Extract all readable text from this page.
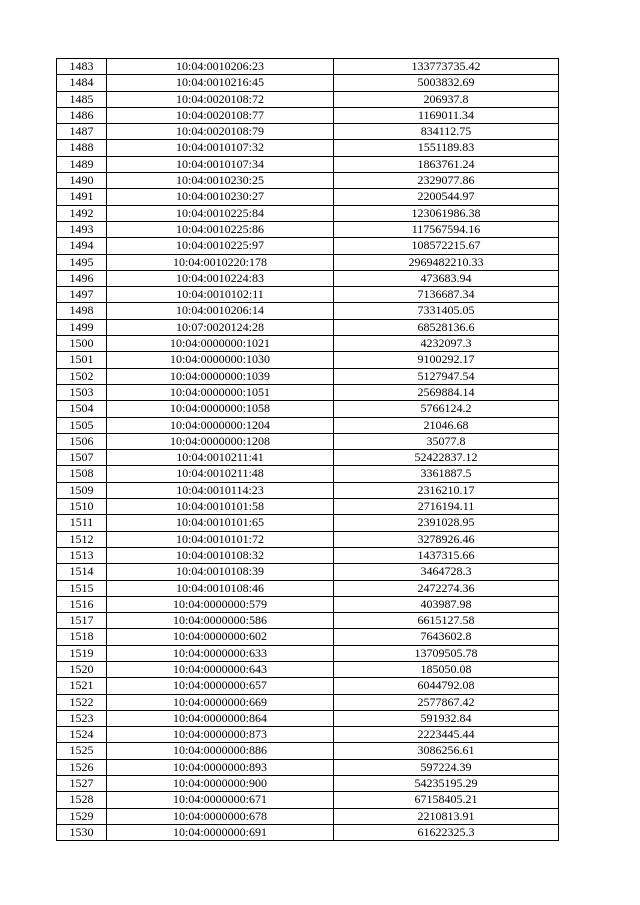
1483	10:04:0010206:23	133773735.42
1484	10:04:0010216:45	5003832.69
1485	10:04:0020108:72	206937.8
1486	10:04:0020108:77	1169011.34
1487	10:04:0020108:79	834112.75
1488	10:04:0010107:32	1551189.83
1489	10:04:0010107:34	1863761.24
1490	10:04:0010230:25	2329077.86
1491	10:04:0010230:27	2200544.97
1492	10:04:0010225:84	123061986.38
1493	10:04:0010225:86	117567594.16
1494	10:04:0010225:97	108572215.67
1495	10:04:0010220:178	2969482210.33
1496	10:04:0010224:83	473683.94
1497	10:04:0010102:11	7136687.34
1498	10:04:0010206:14	7331405.05
1499	10:07:0020124:28	68528136.6
1500	10:04:0000000:1021	4232097.3
1501	10:04:0000000:1030	9100292.17
1502	10:04:0000000:1039	5127947.54
1503	10:04:0000000:1051	2569884.14
1504	10:04:0000000:1058	5766124.2
1505	10:04:0000000:1204	21046.68
1506	10:04:0000000:1208	35077.8
1507	10:04:0010211:41	52422837.12
1508	10:04:0010211:48	3361887.5
1509	10:04:0010114:23	2316210.17
1510	10:04:0010101:58	2716194.11
1511	10:04:0010101:65	2391028.95
1512	10:04:0010101:72	3278926.46
1513	10:04:0010108:32	1437315.66
1514	10:04:0010108:39	3464728.3
1515	10:04:0010108:46	2472274.36
1516	10:04:0000000:579	403987.98
1517	10:04:0000000:586	6615127.58
1518	10:04:0000000:602	7643602.8
1519	10:04:0000000:633	13709505.78
1520	10:04:0000000:643	185050.08
1521	10:04:0000000:657	6044792.08
1522	10:04:0000000:669	2577867.42
1523	10:04:0000000:864	591932.84
1524	10:04:0000000:873	2223445.44
1525	10:04:0000000:886	3086256.61
1526	10:04:0000000:893	597224.39
1527	10:04:0000000:900	54235195.29
1528	10:04:0000000:671	67158405.21
1529	10:04:0000000:678	2210813.91
1530	10:04:0000000:691	61622325.3
